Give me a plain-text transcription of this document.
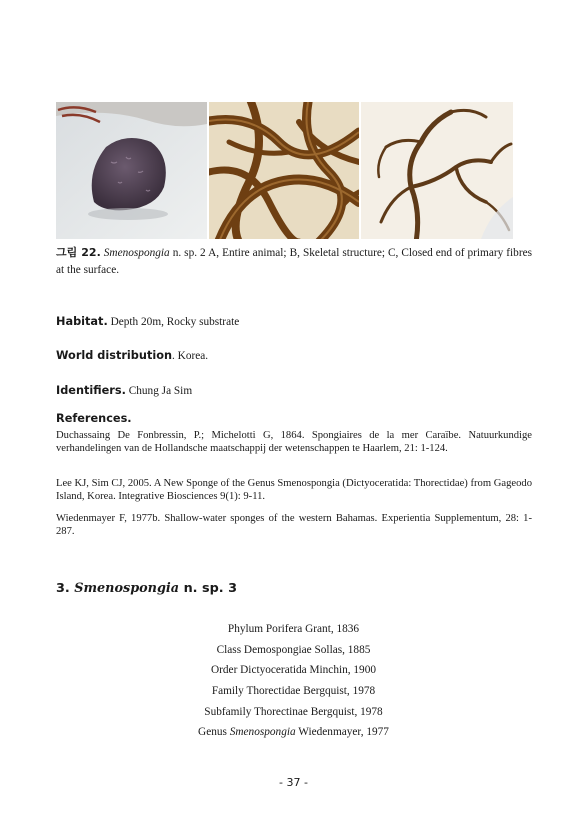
그림 22. Smenospongia n. sp. 2 A, Entire animal; B, Skeletal structure; C, Closed end of primary fibres at the surface.
Habitat. Depth 20m, Rocky substrate
World distribution. Korea.
Identifiers. Chung Ja Sim
References.
Duchassaing De Fonbressin, P.; Michelotti G, 1864. Spongiaires de la mer Caraïbe. Natuurkundige verhandelingen van de Hollandsche maatschappij der wetenschappen te Haarlem, 21: 1-124.
Lee KJ, Sim CJ, 2005. A New Sponge of the Genus Smenospongia (Dictyoceratida: Thorectidae) from Gageodo Island, Korea. Integrative Biosciences 9(1): 9-11.
Wiedenmayer F, 1977b. Shallow-water sponges of the western Bahamas. Experientia Supplementum, 28: 1-287.
3. Smenospongia n. sp. 3
Phylum Porifera Grant, 1836
Class Demospongiae Sollas, 1885
Order Dictyoceratida Minchin, 1900
Family Thorectidae Bergquist, 1978
Subfamily Thorectinae Bergquist, 1978
Genus Smenospongia Wiedenmayer, 1977
- 37 -
